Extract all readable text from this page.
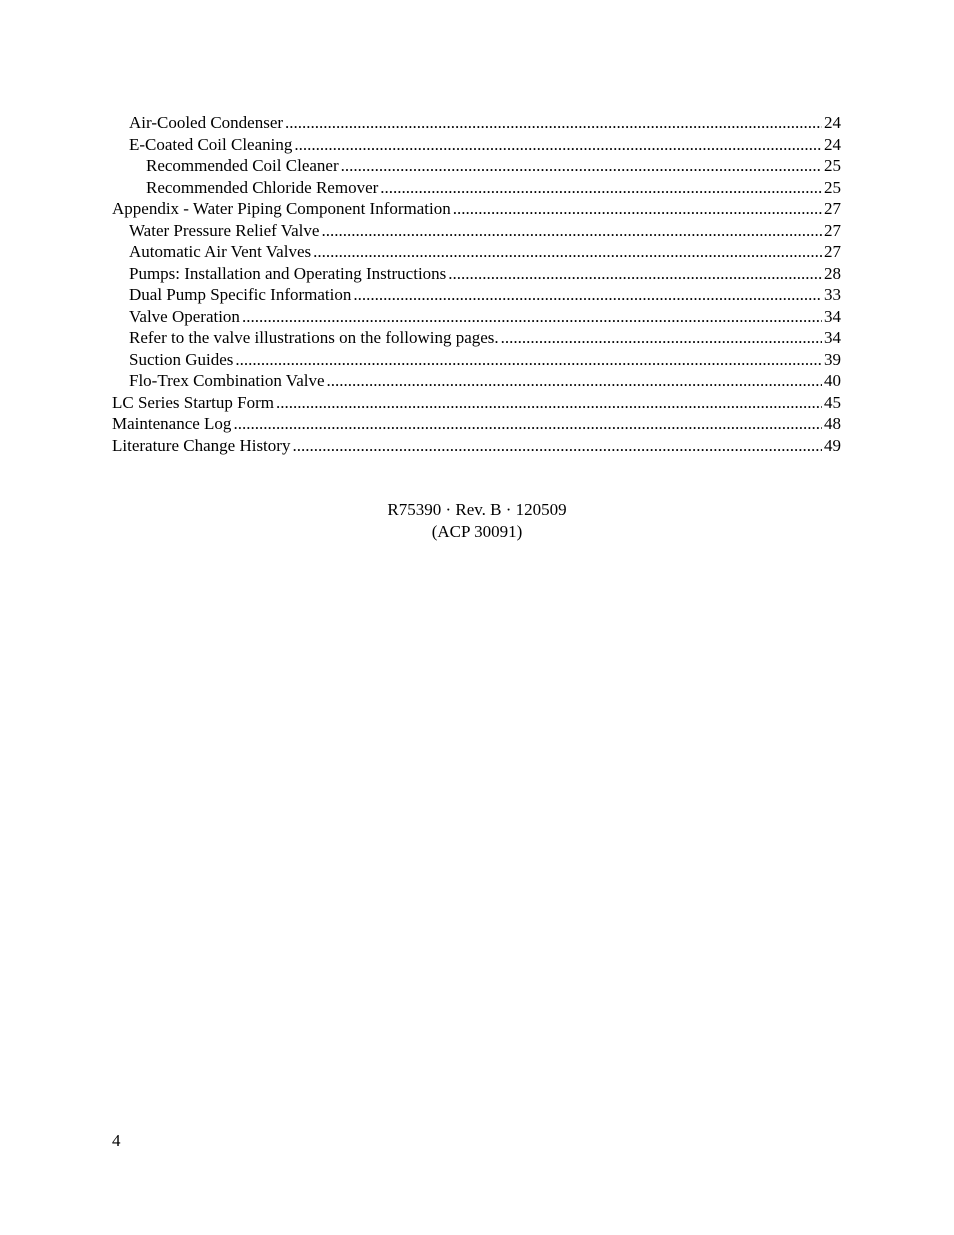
Air-Cooled Condenser .....	24
E-Coated Coil Cleaning .....	24
Recommended Coil Cleaner .....	25
Recommended Chloride Remover .....	25
Appendix - Water Piping Component Information .....	27
Water Pressure Relief Valve .....	27
Automatic Air Vent Valves .....	27
Pumps: Installation and Operating Instructions .....	28
Dual Pump Specific Information .....	33
Valve Operation .....	34
Refer to the valve illustrations on the following pages. .....	34
Suction Guides .....	39
Flo-Trex Combination Valve .....	40
LC Series Startup Form .....	45
Maintenance Log .....	48
Literature Change History .....	49
R75390 · Rev. B · 120509
(ACP 30091)
4
